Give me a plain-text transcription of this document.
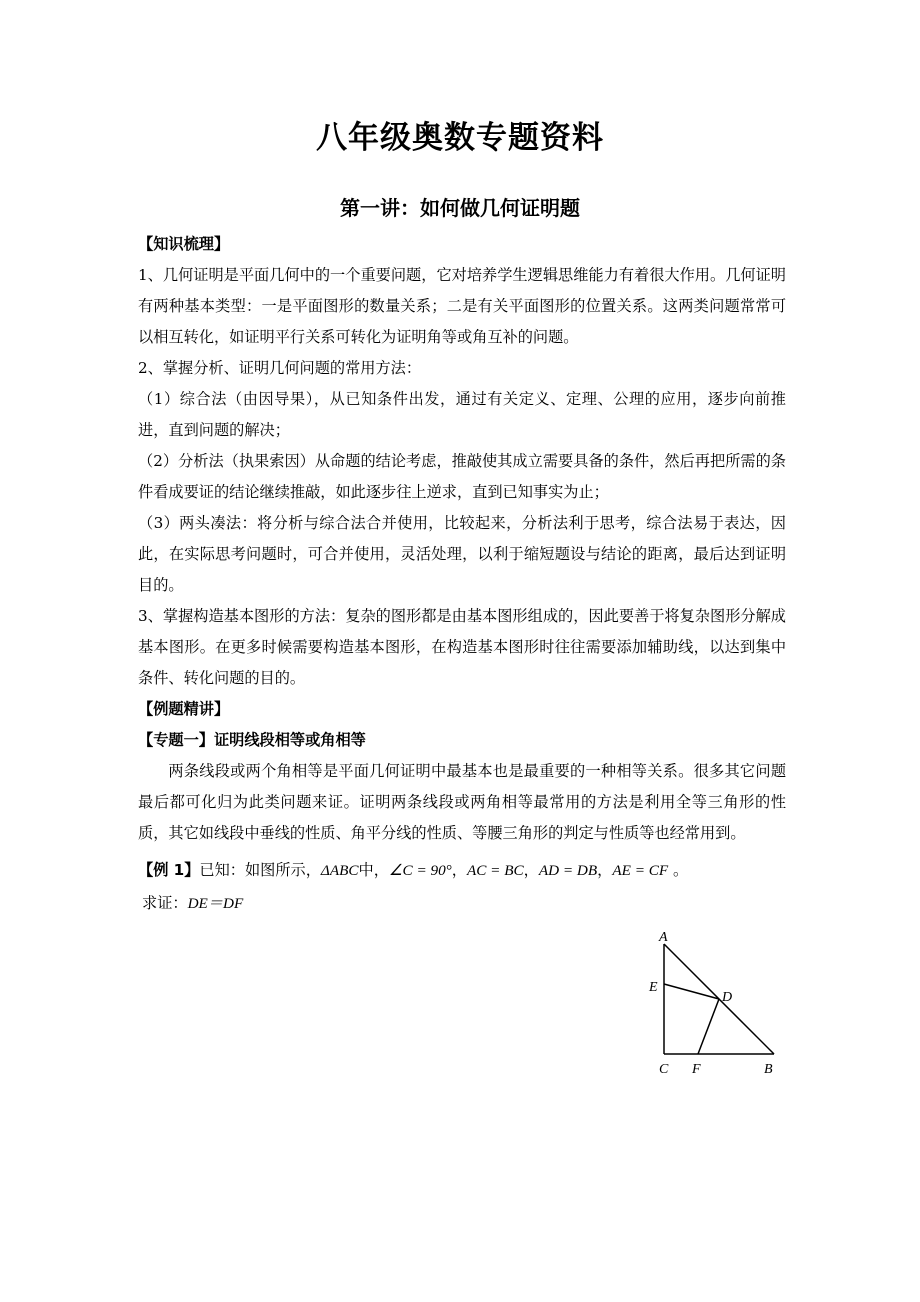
八年级奥数专题资料
第一讲：如何做几何证明题

【知识梳理】

1、几何证明是平面几何中的一个重要问题，它对培养学生逻辑思维能力有着很大作用。几何证明有两种基本类型：一是平面图形的数量关系；二是有关平面图形的位置关系。这两类问题常常可以相互转化，如证明平行关系可转化为证明角等或角互补的问题。

2、掌握分析、证明几何问题的常用方法：

（1）综合法（由因导果），从已知条件出发，通过有关定义、定理、公理的应用，逐步向前推进，直到问题的解决；

（2）分析法（执果索因）从命题的结论考虑，推敲使其成立需要具备的条件，然后再把所需的条件看成要证的结论继续推敲，如此逐步往上逆求，直到已知事实为止；

（3）两头凑法：将分析与综合法合并使用，比较起来，分析法利于思考，综合法易于表达，因此，在实际思考问题时，可合并使用，灵活处理，以利于缩短题设与结论的距离，最后达到证明目的。

3、掌握构造基本图形的方法：复杂的图形都是由基本图形组成的，因此要善于将复杂图形分解成基本图形。在更多时候需要构造基本图形，在构造基本图形时往往需要添加辅助线，以达到集中条件、转化问题的目的。

【例题精讲】

【专题一】证明线段相等或角相等

两条线段或两个角相等是平面几何证明中最基本也是最重要的一种相等关系。很多其它问题最后都可化归为此类问题来证。证明两条线段或两角相等最常用的方法是利用全等三角形的性质，其它如线段中垂线的性质、角平分线的性质、等腰三角形的判定与性质等也经常用到。

【例 1】已知：如图所示，ΔABC中，∠C = 90°，AC = BC，AD = DB，AE = CF 。

求证：DE＝DF

A
E
D
C F	B
